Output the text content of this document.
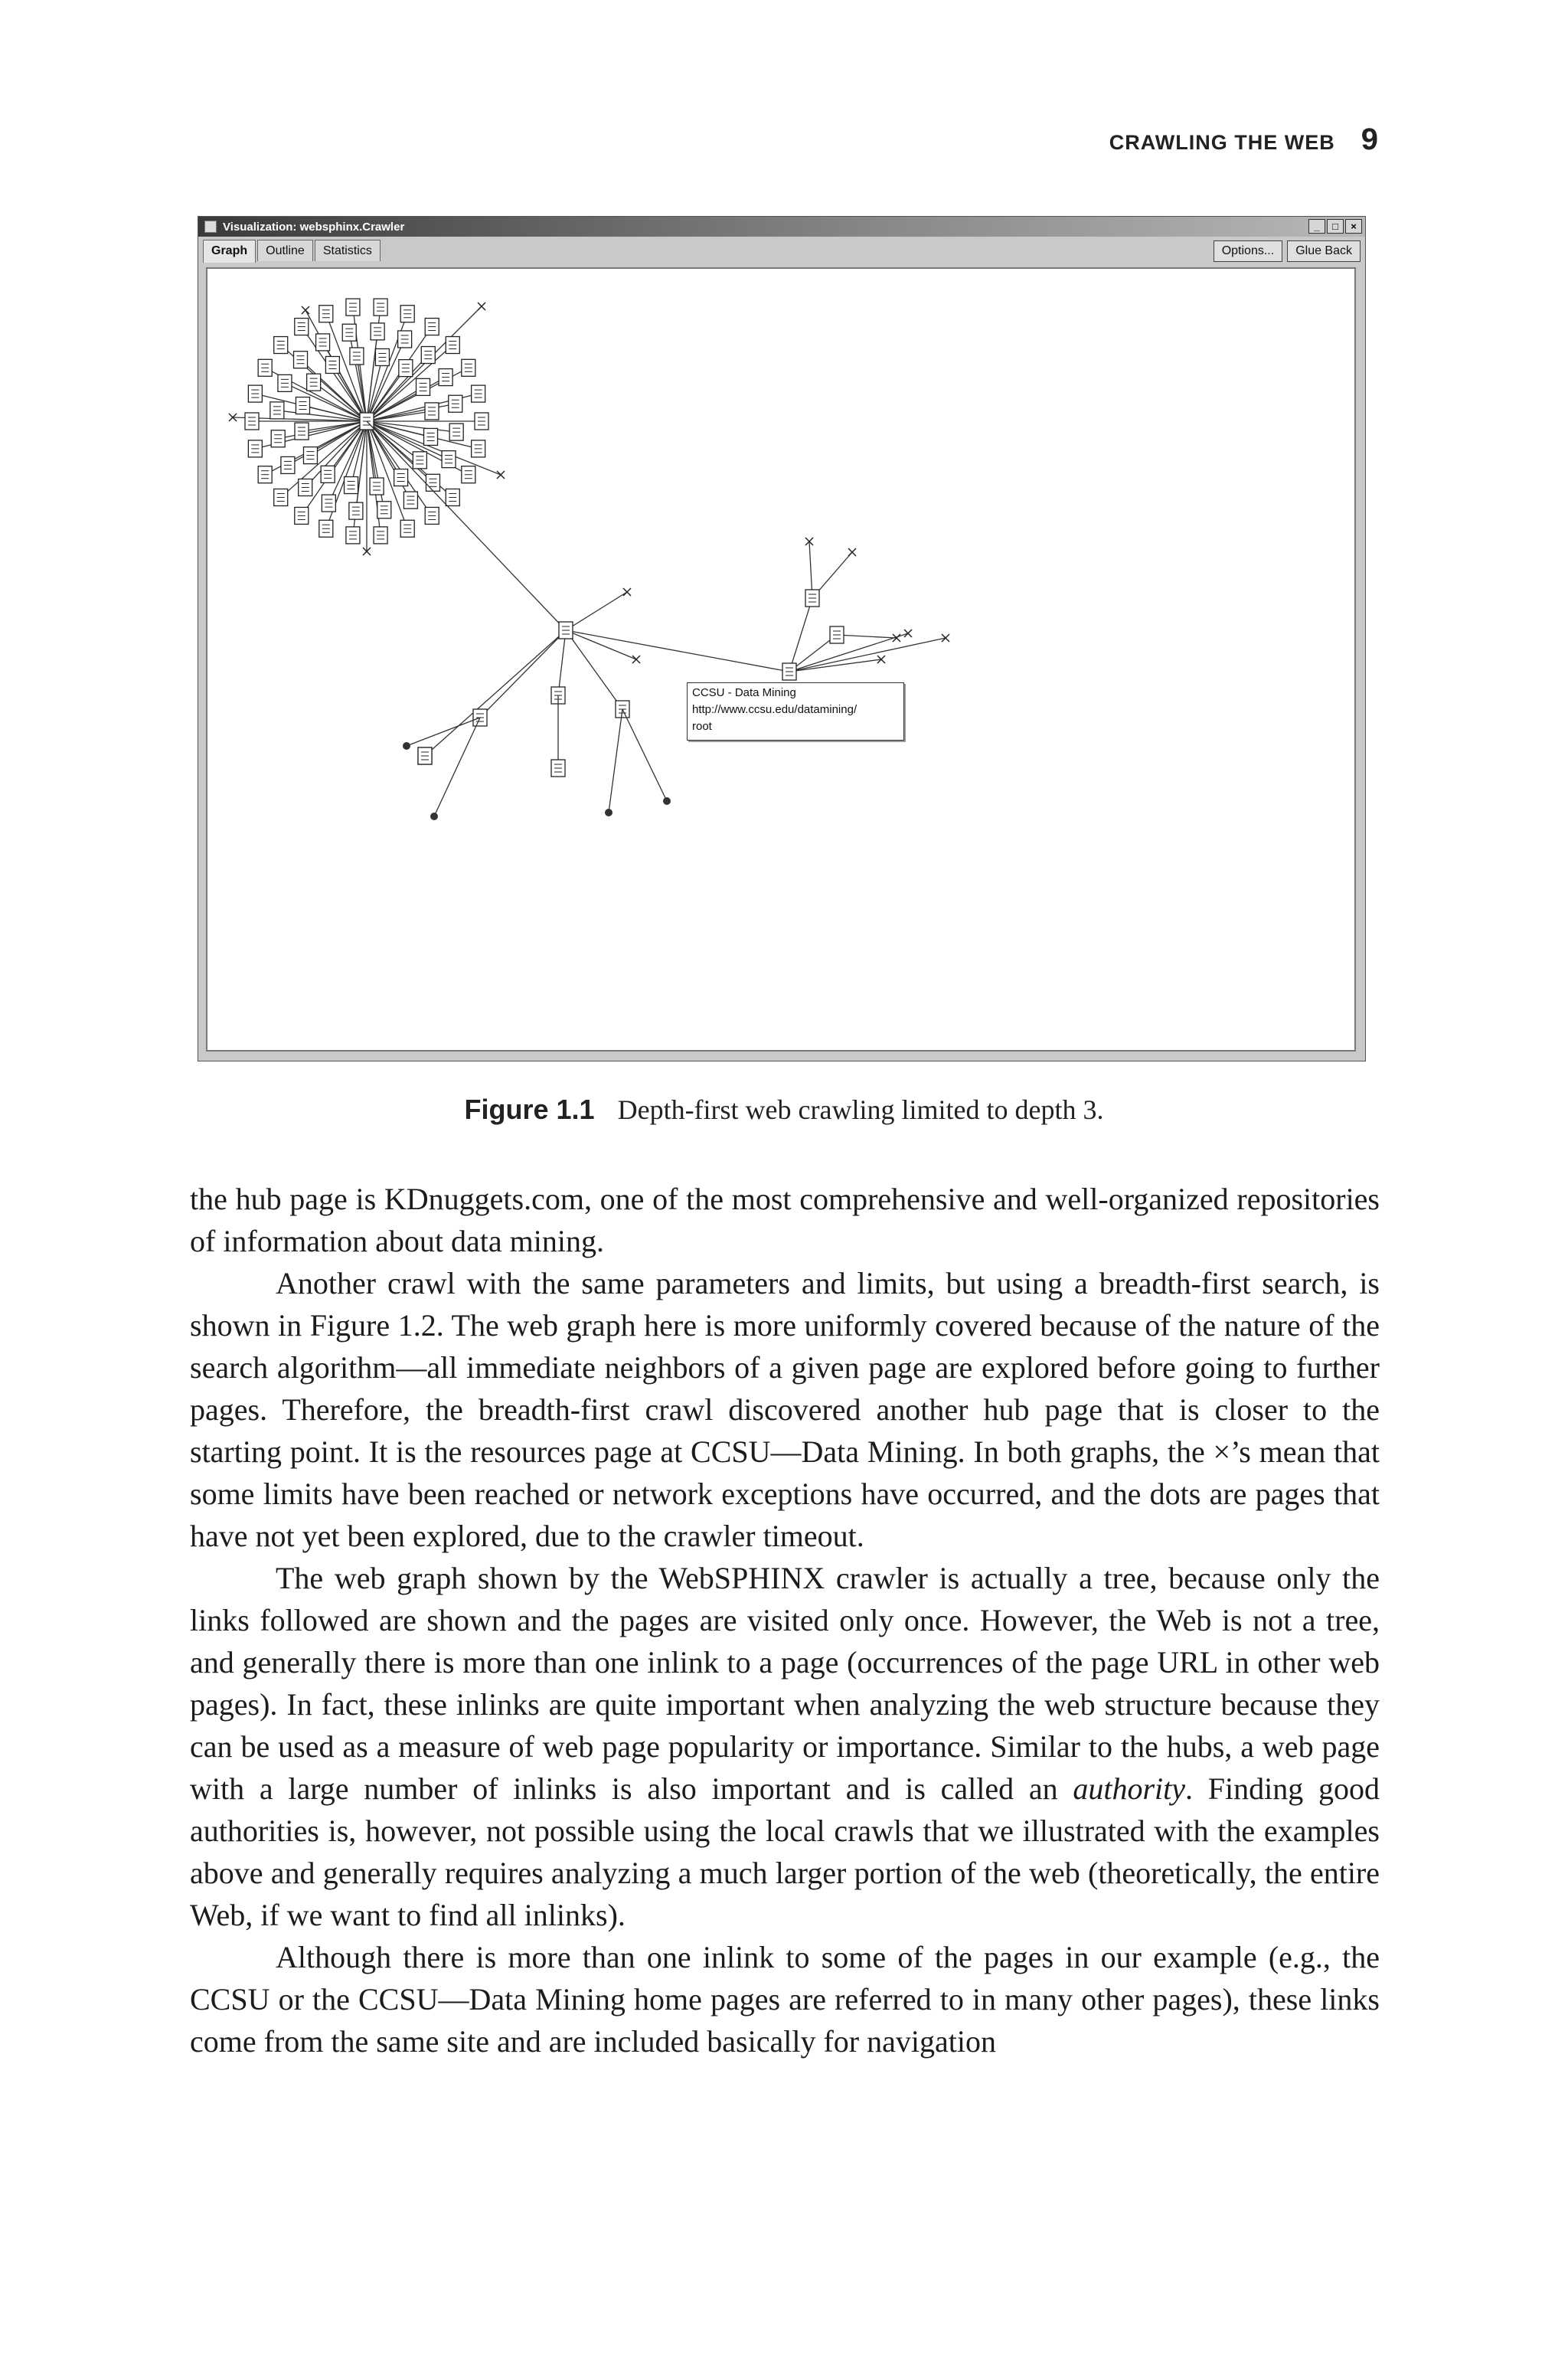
CRAWLING THE WEB 9
Visualization: websphinx.Crawler	_	□	×
Graph	Outline	Statistics	Options...	Glue Back
CCSU - Data Mining
http://www.ccsu.edu/datamining/
root
Figure 1.1 Depth-first web crawling limited to depth 3.

the hub page is KDnuggets.com, one of the most comprehensive and well-organized repositories of information about data mining.

Another crawl with the same parameters and limits, but using a breadth-first search, is shown in Figure 1.2. The web graph here is more uniformly covered because of the nature of the search algorithm—all immediate neighbors of a given page are explored before going to further pages. Therefore, the breadth-first crawl discovered another hub page that is closer to the starting point. It is the resources page at CCSU—Data Mining. In both graphs, the ×’s mean that some limits have been reached or network exceptions have occurred, and the dots are pages that have not yet been explored, due to the crawler timeout.

The web graph shown by the WebSPHINX crawler is actually a tree, because only the links followed are shown and the pages are visited only once. However, the Web is not a tree, and generally there is more than one inlink to a page (occurrences of the page URL in other web pages). In fact, these inlinks are quite important when analyzing the web structure because they can be used as a measure of web page popularity or importance. Similar to the hubs, a web page with a large number of inlinks is also important and is called an authority. Finding good authorities is, however, not possible using the local crawls that we illustrated with the examples above and generally requires analyzing a much larger portion of the web (theoretically, the entire Web, if we want to find all inlinks).

Although there is more than one inlink to some of the pages in our example (e.g., the CCSU or the CCSU—Data Mining home pages are referred to in many other pages), these links come from the same site and are included basically for navigation
